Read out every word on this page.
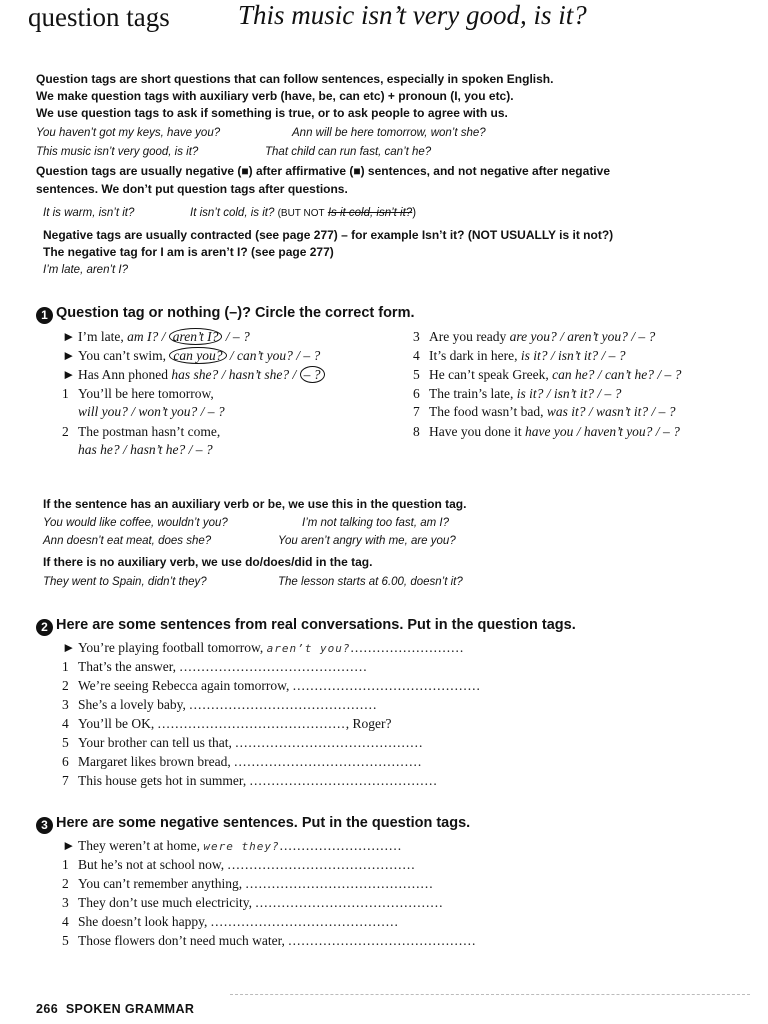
question tags	This music isn’t very good, is it?
Question tags are short questions that can follow sentences, especially in spoken English.
We make question tags with auxiliary verb (have, be, can etc) + pronoun (I, you etc).
We use question tags to ask if something is true, or to ask people to agree with us.
You haven’t got my keys, have you?	Ann will be here tomorrow, won’t she?
This music isn’t very good, is it?	That child can run fast, can’t he?
Question tags are usually negative (■) after affirmative (■) sentences, and not negative after negative
sentences. We don’t put question tags after questions.
It is warm, isn’t it?	It isn’t cold, is it? (BUT NOT Is it cold, isn’t it?)
Negative tags are usually contracted (see page 277) – for example Isn’t it? (NOT USUALLY is it not?)
The negative tag for I am is aren’t I? (see page 277)
I’m late, aren’t I?
1 Question tag or nothing (–)? Circle the correct form.
► I’m late, am I? / aren’t I? / – ?
► You can’t swim, can you? / can’t you? / – ?
► Has Ann phoned has she? / hasn’t she? / – ?
1 You’ll be here tomorrow,
will you? / won’t you? / – ?
2 The postman hasn’t come,
has he? / hasn’t he? / – ?
3 Are you ready are you? / aren’t you? / – ?
4 It’s dark in here, is it? / isn’t it? / – ?
5 He can’t speak Greek, can he? / can’t he? / – ?
6 The train’s late, is it? / isn’t it? / – ?
7 The food wasn’t bad, was it? / wasn’t it? / – ?
8 Have you done it have you / haven’t you? / – ?
If the sentence has an auxiliary verb or be, we use this in the question tag.
You would like coffee, wouldn’t you?	I’m not talking too fast, am I?
Ann doesn’t eat meat, does she?	You aren’t angry with me, are you?
If there is no auxiliary verb, we use do/does/did in the tag.
They went to Spain, didn’t they?	The lesson starts at 6.00, doesn’t it?
2 Here are some sentences from real conversations. Put in the question tags.
► You’re playing football tomorrow, aren’t you?..........................
1 That’s the answer, ...........................................
2 We’re seeing Rebecca again tomorrow, ...........................................
3 She’s a lovely baby, ...........................................
4 You’ll be OK, ..........................................., Roger?
5 Your brother can tell us that, ...........................................
6 Margaret likes brown bread, ...........................................
7 This house gets hot in summer, ...........................................
3 Here are some negative sentences. Put in the question tags.
► They weren’t at home, were they?............................
1 But he’s not at school now, ...........................................
2 You can’t remember anything, ...........................................
3 They don’t use much electricity, ...........................................
4 She doesn’t look happy, ...........................................
5 Those flowers don’t need much water, ...........................................
266 SPOKEN GRAMMAR
